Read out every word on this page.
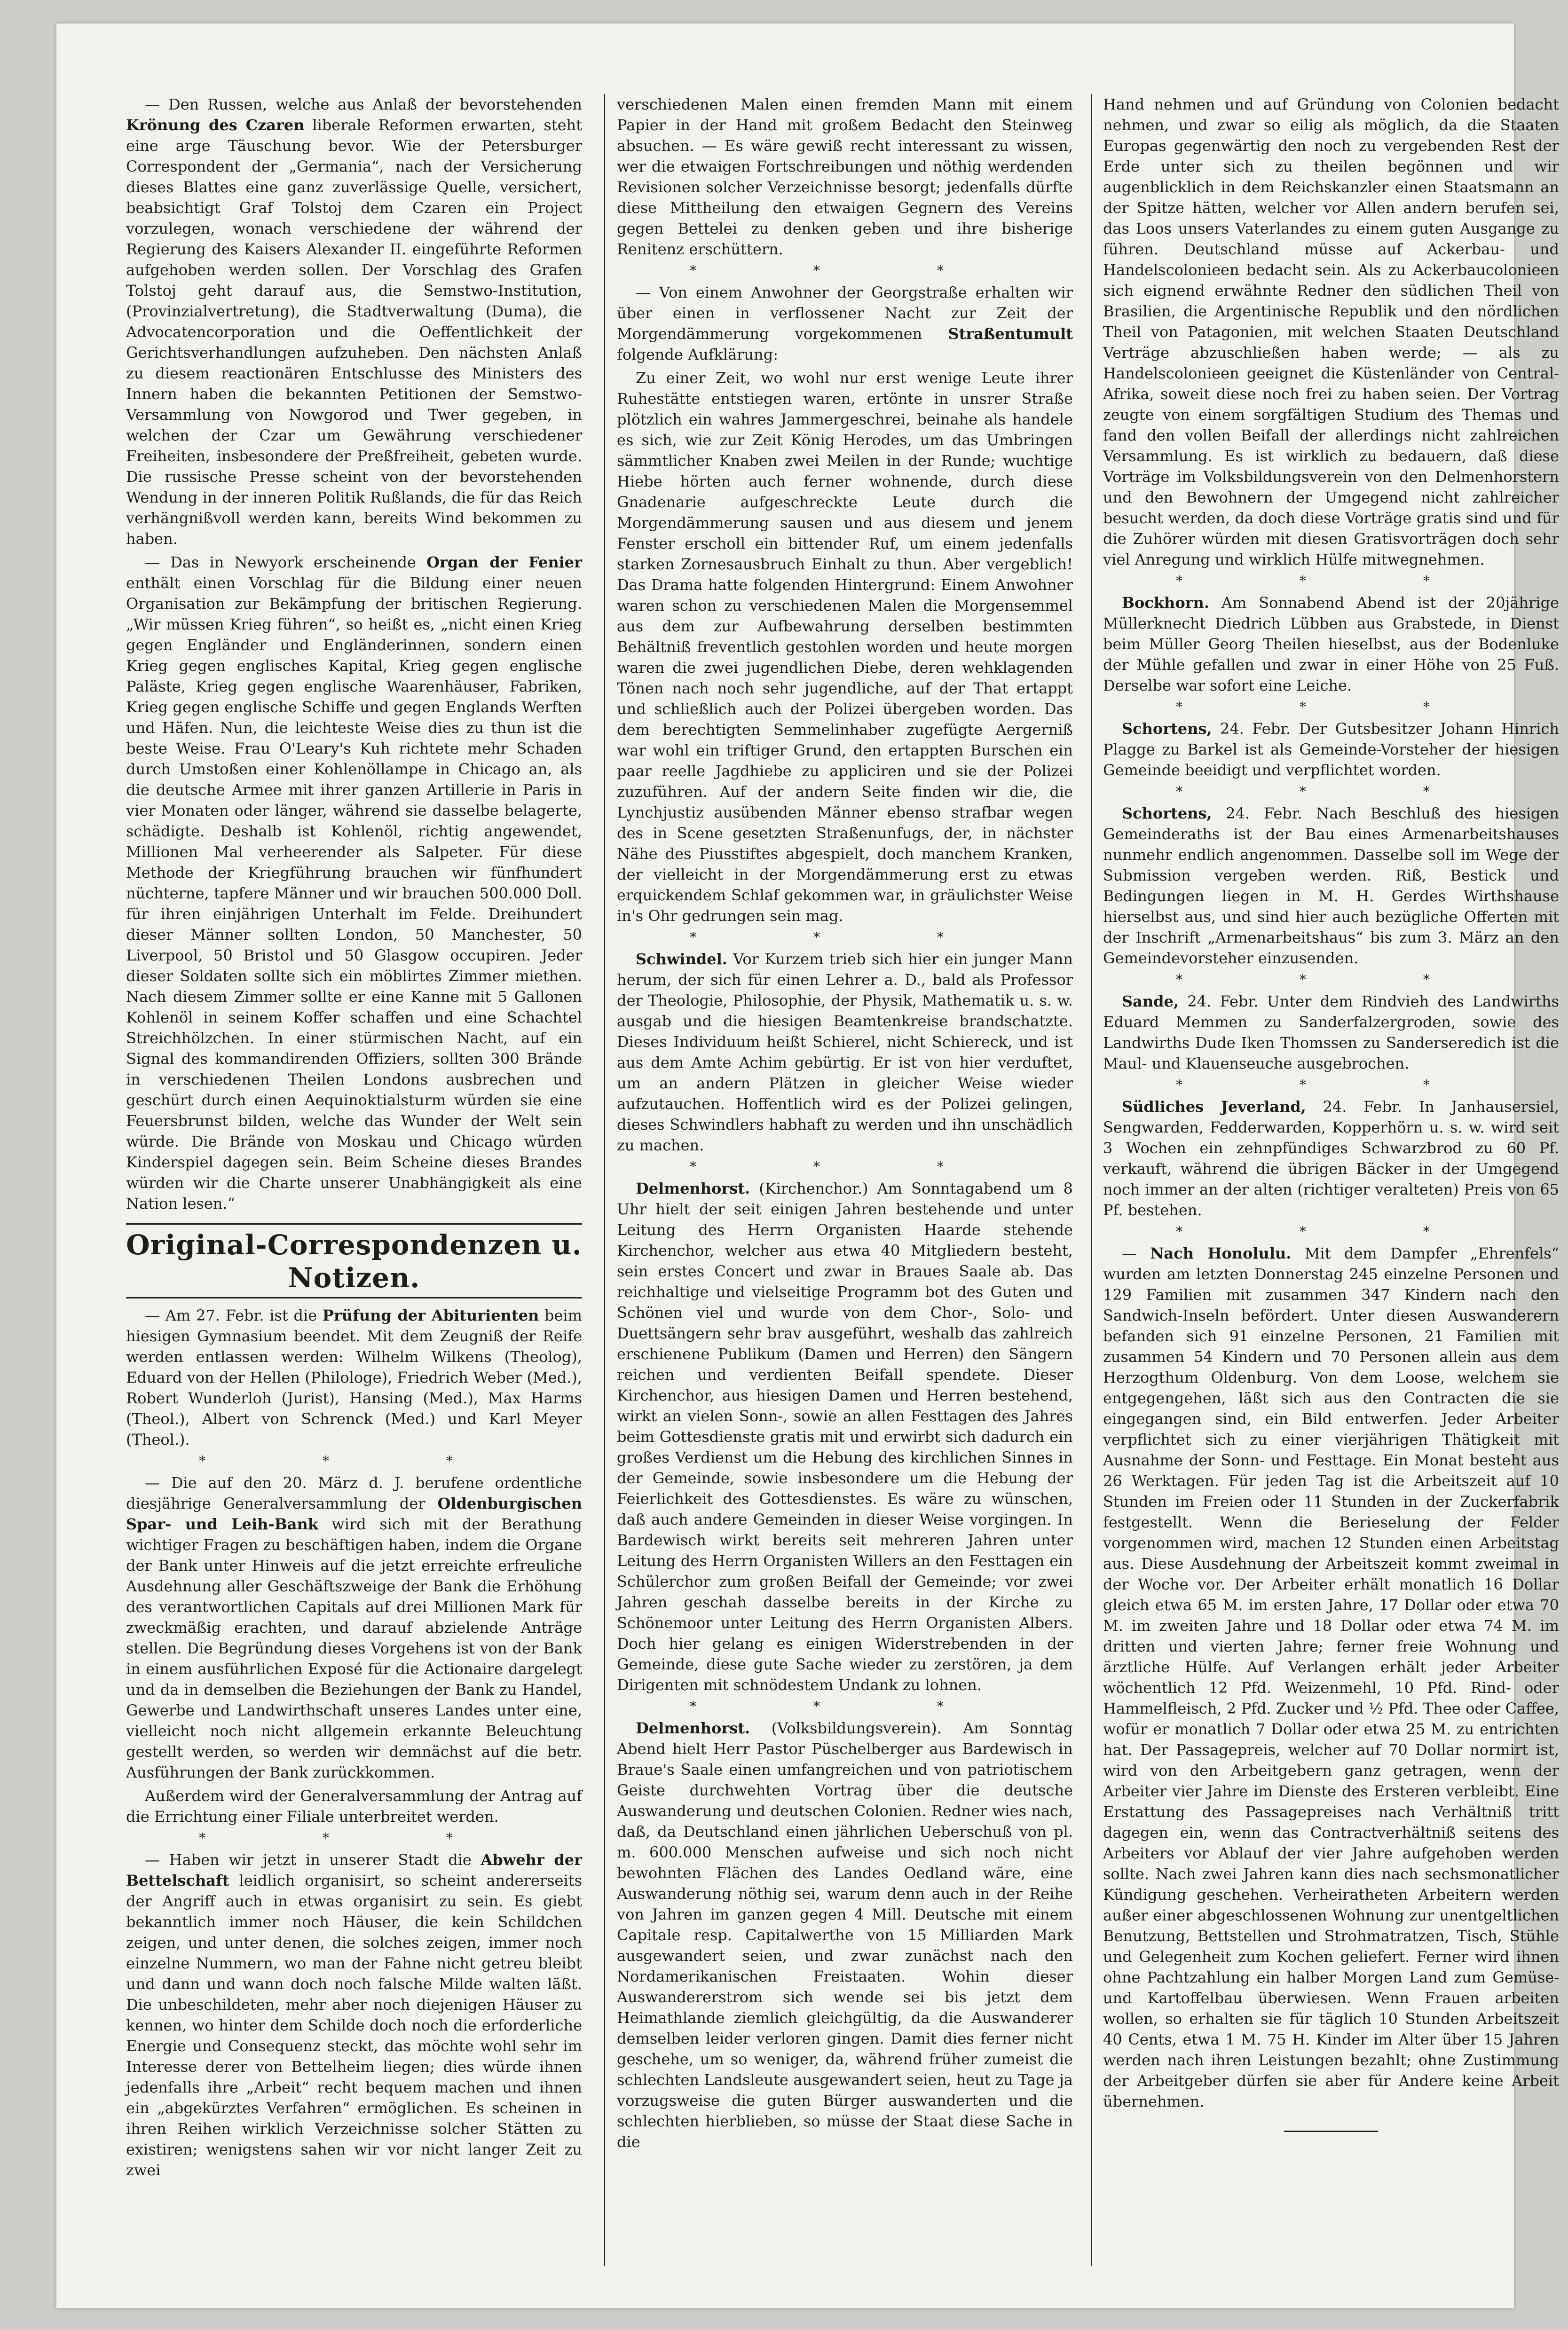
— Den Russen, welche aus Anlaß der bevorstehenden Krönung des Czaren liberale Reformen erwarten, steht eine arge Täuschung bevor. Wie der Petersburger Correspondent der „Germania“, nach der Versicherung dieses Blattes eine ganz zuverlässige Quelle, versichert, beabsichtigt Graf Tolstoj dem Czaren ein Project vorzulegen, wonach verschiedene der während der Regierung des Kaisers Alexander II. eingeführte Reformen aufgehoben werden sollen. Der Vorschlag des Grafen Tolstoj geht darauf aus, die Semstwo-Institution, (Provinzialvertretung), die Stadtverwaltung (Duma), die Advocatencorporation und die Oeffentlichkeit der Gerichtsverhandlungen aufzuheben. Den nächsten Anlaß zu diesem reactionären Entschlusse des Ministers des Innern haben die bekannten Petitionen der Semstwo-Versammlung von Nowgorod und Twer gegeben, in welchen der Czar um Gewährung verschiedener Freiheiten, insbesondere der Preßfreiheit, gebeten wurde. Die russische Presse scheint von der bevorstehenden Wendung in der inneren Politik Rußlands, die für das Reich verhängnißvoll werden kann, bereits Wind bekommen zu haben.

— Das in Newyork erscheinende Organ der Fenier enthält einen Vorschlag für die Bildung einer neuen Organisation zur Bekämpfung der britischen Regierung. „Wir müssen Krieg führen“, so heißt es, „nicht einen Krieg gegen Engländer und Engländerinnen, sondern einen Krieg gegen englisches Kapital, Krieg gegen englische Paläste, Krieg gegen englische Waarenhäuser, Fabriken, Krieg gegen englische Schiffe und gegen Englands Werften und Häfen. Nun, die leichteste Weise dies zu thun ist die beste Weise. Frau O'Leary's Kuh richtete mehr Schaden durch Umstoßen einer Kohlenöllampe in Chicago an, als die deutsche Armee mit ihrer ganzen Artillerie in Paris in vier Monaten oder länger, während sie dasselbe belagerte, schädigte. Deshalb ist Kohlenöl, richtig angewendet, Millionen Mal verheerender als Salpeter. Für diese Methode der Kriegführung brauchen wir fünfhundert nüchterne, tapfere Männer und wir brauchen 500.000 Doll. für ihren einjährigen Unterhalt im Felde. Dreihundert dieser Männer sollten London, 50 Manchester, 50 Liverpool, 50 Bristol und 50 Glasgow occupiren. Jeder dieser Soldaten sollte sich ein möblirtes Zimmer miethen. Nach diesem Zimmer sollte er eine Kanne mit 5 Gallonen Kohlenöl in seinem Koffer schaffen und eine Schachtel Streichhölzchen. In einer stürmischen Nacht, auf ein Signal des kommandirenden Offiziers, sollten 300 Brände in verschiedenen Theilen Londons ausbrechen und geschürt durch einen Aequinoktialsturm würden sie eine Feuersbrunst bilden, welche das Wunder der Welt sein würde. Die Brände von Moskau und Chicago würden Kinderspiel dagegen sein. Beim Scheine dieses Brandes würden wir die Charte unserer Unabhängigkeit als eine Nation lesen.“

Original-Correspondenzen u. Notizen.

— Am 27. Febr. ist die Prüfung der Abiturienten beim hiesigen Gymnasium beendet. Mit dem Zeugniß der Reife werden entlassen werden: Wilhelm Wilkens (Theolog), Eduard von der Hellen (Philologe), Friedrich Weber (Med.), Robert Wunderloh (Jurist), Hansing (Med.), Max Harms (Theol.), Albert von Schrenck (Med.) und Karl Meyer (Theol.).

* * *

— Die auf den 20. März d. J. berufene ordentliche diesjährige Generalversammlung der Oldenburgischen Spar- und Leih-Bank wird sich mit der Berathung wichtiger Fragen zu beschäftigen haben, indem die Organe der Bank unter Hinweis auf die jetzt erreichte erfreuliche Ausdehnung aller Geschäftszweige der Bank die Erhöhung des verantwortlichen Capitals auf drei Millionen Mark für zweckmäßig erachten, und darauf abzielende Anträge stellen. Die Begründung dieses Vorgehens ist von der Bank in einem ausführlichen Exposé für die Actionaire dargelegt und da in demselben die Beziehungen der Bank zu Handel, Gewerbe und Landwirthschaft unseres Landes unter eine, vielleicht noch nicht allgemein erkannte Beleuchtung gestellt werden, so werden wir demnächst auf die betr. Ausführungen der Bank zurückkommen.

Außerdem wird der Generalversammlung der Antrag auf die Errichtung einer Filiale unterbreitet werden.

* * *

— Haben wir jetzt in unserer Stadt die Abwehr der Bettelschaft leidlich organisirt, so scheint andererseits der Angriff auch in etwas organisirt zu sein. Es giebt bekanntlich immer noch Häuser, die kein Schildchen zeigen, und unter denen, die solches zeigen, immer noch einzelne Nummern, wo man der Fahne nicht getreu bleibt und dann und wann doch noch falsche Milde walten läßt. Die unbeschildeten, mehr aber noch diejenigen Häuser zu kennen, wo hinter dem Schilde doch noch die erforderliche Energie und Consequenz steckt, das möchte wohl sehr im Interesse derer von Bettelheim liegen; dies würde ihnen jedenfalls ihre „Arbeit“ recht bequem machen und ihnen ein „abgekürztes Verfahren“ ermöglichen. Es scheinen in ihren Reihen wirklich Verzeichnisse solcher Stätten zu existiren; wenigstens sahen wir vor nicht langer Zeit zu zwei

verschiedenen Malen einen fremden Mann mit einem Papier in der Hand mit großem Bedacht den Steinweg absuchen. — Es wäre gewiß recht interessant zu wissen, wer die etwaigen Fortschreibungen und nöthig werdenden Revisionen solcher Verzeichnisse besorgt; jedenfalls dürfte diese Mittheilung den etwaigen Gegnern des Vereins gegen Bettelei zu denken geben und ihre bisherige Renitenz erschüttern.

* * *

— Von einem Anwohner der Georgstraße erhalten wir über einen in verflossener Nacht zur Zeit der Morgendämmerung vorgekommenen Straßentumult folgende Aufklärung:

Zu einer Zeit, wo wohl nur erst wenige Leute ihrer Ruhestätte entstiegen waren, ertönte in unsrer Straße plötzlich ein wahres Jammergeschrei, beinahe als handele es sich, wie zur Zeit König Herodes, um das Umbringen sämmtlicher Knaben zwei Meilen in der Runde; wuchtige Hiebe hörten auch ferner wohnende, durch diese Gnadenarie aufgeschreckte Leute durch die Morgendämmerung sausen und aus diesem und jenem Fenster erscholl ein bittender Ruf, um einem jedenfalls starken Zornesausbruch Einhalt zu thun. Aber vergeblich! Das Drama hatte folgenden Hintergrund: Einem Anwohner waren schon zu verschiedenen Malen die Morgensemmel aus dem zur Aufbewahrung derselben bestimmten Behältniß freventlich gestohlen worden und heute morgen waren die zwei jugendlichen Diebe, deren wehklagenden Tönen nach noch sehr jugendliche, auf der That ertappt und schließlich auch der Polizei übergeben worden. Das dem berechtigten Semmelinhaber zugefügte Aergerniß war wohl ein triftiger Grund, den ertappten Burschen ein paar reelle Jagdhiebe zu appliciren und sie der Polizei zuzuführen. Auf der andern Seite finden wir die, die Lynchjustiz ausübenden Männer ebenso strafbar wegen des in Scene gesetzten Straßenunfugs, der, in nächster Nähe des Piusstiftes abgespielt, doch manchem Kranken, der vielleicht in der Morgendämmerung erst zu etwas erquickendem Schlaf gekommen war, in gräulichster Weise in's Ohr gedrungen sein mag.

* * *

Schwindel. Vor Kurzem trieb sich hier ein junger Mann herum, der sich für einen Lehrer a. D., bald als Professor der Theologie, Philosophie, der Physik, Mathematik u. s. w. ausgab und die hiesigen Beamtenkreise brandschatzte. Dieses Individuum heißt Schierel, nicht Schiereck, und ist aus dem Amte Achim gebürtig. Er ist von hier verduftet, um an andern Plätzen in gleicher Weise wieder aufzutauchen. Hoffentlich wird es der Polizei gelingen, dieses Schwindlers habhaft zu werden und ihn unschädlich zu machen.

* * *

Delmenhorst. (Kirchenchor.) Am Sonntagabend um 8 Uhr hielt der seit einigen Jahren bestehende und unter Leitung des Herrn Organisten Haarde stehende Kirchenchor, welcher aus etwa 40 Mitgliedern besteht, sein erstes Concert und zwar in Braues Saale ab. Das reichhaltige und vielseitige Programm bot des Guten und Schönen viel und wurde von dem Chor-, Solo- und Duettsängern sehr brav ausgeführt, weshalb das zahlreich erschienene Publikum (Damen und Herren) den Sängern reichen und verdienten Beifall spendete. Dieser Kirchenchor, aus hiesigen Damen und Herren bestehend, wirkt an vielen Sonn-, sowie an allen Festtagen des Jahres beim Gottesdienste gratis mit und erwirbt sich dadurch ein großes Verdienst um die Hebung des kirchlichen Sinnes in der Gemeinde, sowie insbesondere um die Hebung der Feierlichkeit des Gottesdienstes. Es wäre zu wünschen, daß auch andere Gemeinden in dieser Weise vorgingen. In Bardewisch wirkt bereits seit mehreren Jahren unter Leitung des Herrn Organisten Willers an den Festtagen ein Schülerchor zum großen Beifall der Gemeinde; vor zwei Jahren geschah dasselbe bereits in der Kirche zu Schönemoor unter Leitung des Herrn Organisten Albers. Doch hier gelang es einigen Widerstrebenden in der Gemeinde, diese gute Sache wieder zu zerstören, ja dem Dirigenten mit schnödestem Undank zu lohnen.

* * *

Delmenhorst. (Volksbildungsverein). Am Sonntag Abend hielt Herr Pastor Püschelberger aus Bardewisch in Braue's Saale einen umfangreichen und von patriotischem Geiste durchwehten Vortrag über die deutsche Auswanderung und deutschen Colonien. Redner wies nach, daß, da Deutschland einen jährlichen Ueberschuß von pl. m. 600.000 Menschen aufweise und sich noch nicht bewohnten Flächen des Landes Oedland wäre, eine Auswanderung nöthig sei, warum denn auch in der Reihe von Jahren im ganzen gegen 4 Mill. Deutsche mit einem Capitale resp. Capitalwerthe von 15 Milliarden Mark ausgewandert seien, und zwar zunächst nach den Nordamerikanischen Freistaaten. Wohin dieser Auswandererstrom sich wende sei bis jetzt dem Heimathlande ziemlich gleichgültig, da die Auswanderer demselben leider verloren gingen. Damit dies ferner nicht geschehe, um so weniger, da, während früher zumeist die schlechten Landsleute ausgewandert seien, heut zu Tage ja vorzugsweise die guten Bürger auswanderten und die schlechten hierblieben, so müsse der Staat diese Sache in die

Hand nehmen und auf Gründung von Colonien bedacht nehmen, und zwar so eilig als möglich, da die Staaten Europas gegenwärtig den noch zu vergebenden Rest der Erde unter sich zu theilen begönnen und wir augenblicklich in dem Reichskanzler einen Staatsmann an der Spitze hätten, welcher vor Allen andern berufen sei, das Loos unsers Vaterlandes zu einem guten Ausgange zu führen. Deutschland müsse auf Ackerbau- und Handelscolonieen bedacht sein. Als zu Ackerbaucolonieen sich eignend erwähnte Redner den südlichen Theil von Brasilien, die Argentinische Republik und den nördlichen Theil von Patagonien, mit welchen Staaten Deutschland Verträge abzuschließen haben werde; — als zu Handelscolonieen geeignet die Küstenländer von Central-Afrika, soweit diese noch frei zu haben seien. Der Vortrag zeugte von einem sorgfältigen Studium des Themas und fand den vollen Beifall der allerdings nicht zahlreichen Versammlung. Es ist wirklich zu bedauern, daß diese Vorträge im Volksbildungsverein von den Delmenhorstern und den Bewohnern der Umgegend nicht zahlreicher besucht werden, da doch diese Vorträge gratis sind und für die Zuhörer würden mit diesen Gratisvorträgen doch sehr viel Anregung und wirklich Hülfe mitwegnehmen.

* * *

Bockhorn. Am Sonnabend Abend ist der 20jährige Müllerknecht Diedrich Lübben aus Grabstede, in Dienst beim Müller Georg Theilen hieselbst, aus der Bodenluke der Mühle gefallen und zwar in einer Höhe von 25 Fuß. Derselbe war sofort eine Leiche.

* * *

Schortens, 24. Febr. Der Gutsbesitzer Johann Hinrich Plagge zu Barkel ist als Gemeinde-Vorsteher der hiesigen Gemeinde beeidigt und verpflichtet worden.

* * *

Schortens, 24. Febr. Nach Beschluß des hiesigen Gemeinderaths ist der Bau eines Armenarbeitshauses nunmehr endlich angenommen. Dasselbe soll im Wege der Submission vergeben werden. Riß, Bestick und Bedingungen liegen in M. H. Gerdes Wirthshause hierselbst aus, und sind hier auch bezügliche Offerten mit der Inschrift „Armenarbeitshaus“ bis zum 3. März an den Gemeindevorsteher einzusenden.

* * *

Sande, 24. Febr. Unter dem Rindvieh des Landwirths Eduard Memmen zu Sanderfalzergroden, sowie des Landwirths Dude Iken Thomssen zu Sanderseredich ist die Maul- und Klauenseuche ausgebrochen.

* * *

Südliches Jeverland, 24. Febr. In Janhausersiel, Sengwarden, Fedderwarden, Kopperhörn u. s. w. wird seit 3 Wochen ein zehnpfündiges Schwarzbrod zu 60 Pf. verkauft, während die übrigen Bäcker in der Umgegend noch immer an der alten (richtiger veralteten) Preis von 65 Pf. bestehen.

* * *

— Nach Honolulu. Mit dem Dampfer „Ehrenfels“ wurden am letzten Donnerstag 245 einzelne Personen und 129 Familien mit zusammen 347 Kindern nach den Sandwich-Inseln befördert. Unter diesen Auswanderern befanden sich 91 einzelne Personen, 21 Familien mit zusammen 54 Kindern und 70 Personen allein aus dem Herzogthum Oldenburg. Von dem Loose, welchem sie entgegengehen, läßt sich aus den Contracten die sie eingegangen sind, ein Bild entwerfen. Jeder Arbeiter verpflichtet sich zu einer vierjährigen Thätigkeit mit Ausnahme der Sonn- und Festtage. Ein Monat besteht aus 26 Werktagen. Für jeden Tag ist die Arbeitszeit auf 10 Stunden im Freien oder 11 Stunden in der Zuckerfabrik festgestellt. Wenn die Berieselung der Felder vorgenommen wird, machen 12 Stunden einen Arbeitstag aus. Diese Ausdehnung der Arbeitszeit kommt zweimal in der Woche vor. Der Arbeiter erhält monatlich 16 Dollar gleich etwa 65 M. im ersten Jahre, 17 Dollar oder etwa 70 M. im zweiten Jahre und 18 Dollar oder etwa 74 M. im dritten und vierten Jahre; ferner freie Wohnung und ärztliche Hülfe. Auf Verlangen erhält jeder Arbeiter wöchentlich 12 Pfd. Weizenmehl, 10 Pfd. Rind- oder Hammelfleisch, 2 Pfd. Zucker und ½ Pfd. Thee oder Caffee, wofür er monatlich 7 Dollar oder etwa 25 M. zu entrichten hat. Der Passagepreis, welcher auf 70 Dollar normirt ist, wird von den Arbeitgebern ganz getragen, wenn der Arbeiter vier Jahre im Dienste des Ersteren verbleibt. Eine Erstattung des Passagepreises nach Verhältniß tritt dagegen ein, wenn das Contractverhältniß seitens des Arbeiters vor Ablauf der vier Jahre aufgehoben werden sollte. Nach zwei Jahren kann dies nach sechsmonatlicher Kündigung geschehen. Verheiratheten Arbeitern werden außer einer abgeschlossenen Wohnung zur unentgeltlichen Benutzung, Bettstellen und Strohmatratzen, Tisch, Stühle und Gelegenheit zum Kochen geliefert. Ferner wird ihnen ohne Pachtzahlung ein halber Morgen Land zum Gemüse- und Kartoffelbau überwiesen. Wenn Frauen arbeiten wollen, so erhalten sie für täglich 10 Stunden Arbeitszeit 40 Cents, etwa 1 M. 75 H. Kinder im Alter über 15 Jahren werden nach ihren Leistungen bezahlt; ohne Zustimmung der Arbeitgeber dürfen sie aber für Andere keine Arbeit übernehmen.
